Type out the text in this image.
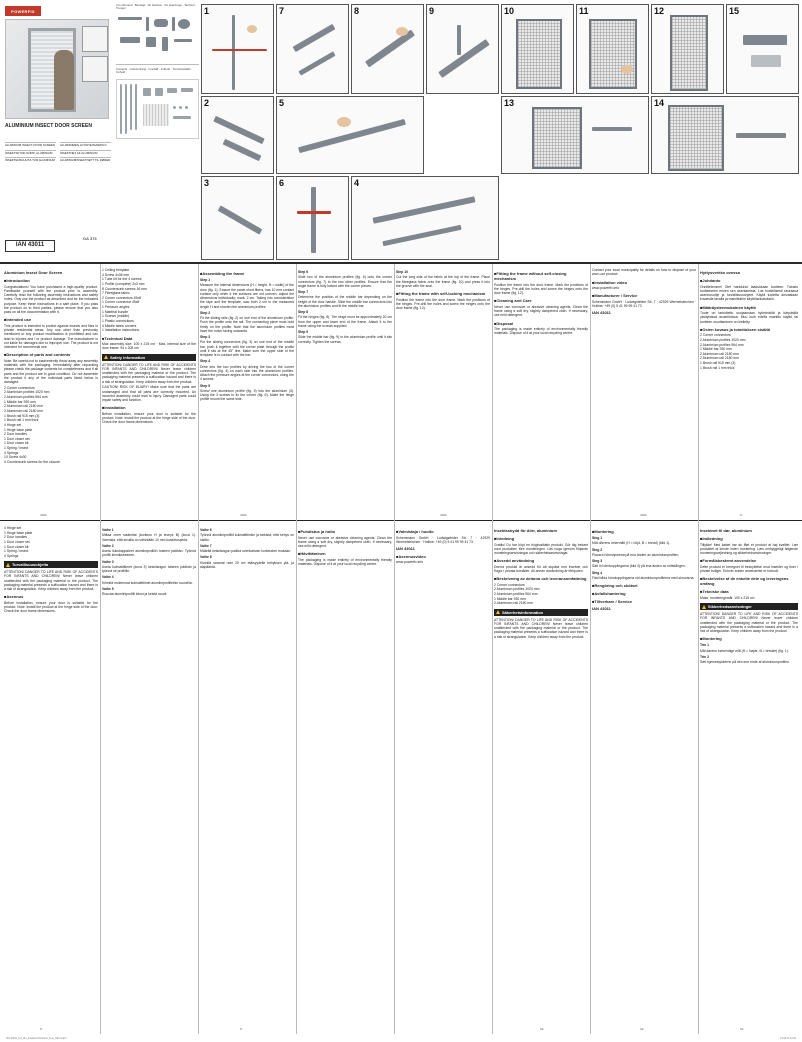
POWERFIX
ALUMINIUM INSECT DOOR SCREEN
ALUMINIUM INSECT DOOR SCREEN	ALUMIINIMEN HYÖNTEISVERKKO
INSEKTSKYDD DÖRR, ALUMINIUM	INSEKTNET AF ALUMINIUM
INSEKTENSCHUTZ-TÜR ALUMINIUM	ALUMINIUMINSEKTNETT TIL DØRER
IAN 43011
GA 373
You will need · Benötigt · Du behöver · Du skal bruge · Tarvitset · Trenger
Contents · Lieferumfang · Innehåll · Indhold · Toimitussisältö · Innhold
1	7	8	9	10	11	12	15
2	5	13	14
3	6	4
Aluminium Insect Door Screen
■ Introduction

Congratulations! You have purchased a high-quality product. Familiarise yourself with the product prior to assembly. Carefully read the following assembly instructions and safety notes. Only use the product as described and for the indicated purpose. Keep these instructions in a safe place. If you pass the product on to third parties, please ensure that you also pass on all the documentation with it.

■ Intended use

This product is intended to protect against insects and flies in private residential areas. Any use other than previously mentioned or any product modification is prohibited and can lead to injuries and / or product damage. The manufacturer is not liable for damages due to improper use. The product is not intended for commercial use.

■ Description of parts and contents

Note: Be careful not to inadvertently throw away any assembly materials with the packaging. Immediately after unpacking please check the package contents for completeness and if all parts and the product are in good condition. Do not assemble the product if any of the individual parts listed below is damaged.

2 Corner connectors
2 Aluminium profiles 1020 mm
2 Aluminium profiles 964 mm
1 Middle bar 930 mm
2 Aluminium rail 2180 mm
2 Aluminium rail 2180 mm
1 Brush rail 915 mm (3)
1 Brush rail 1 mm thick
4 Hinge set
1 Hinge base plate
2 Door handles
1 Door closer set
1 Door closer kit
1 Spring / insect
4 Springs
10 Screw 4x30
4 Countersunk screws for the closure
1 Ceiling template
4 Screw 4x35 mm
1 Tube kit for the 4 screws
1 Profile (complete) 2x3 mm
8 Countersunk screws 16 mm
7 Fibreglass fabric
2 Corner connectors 45x8
1 Corner connector 45x8
1 Pressure angles
1 Material bundle
1 Screws (middle)
1 Plastic connections
4 Middle fabric corners
1 Installation instructions
■ Technical Data

Max assembly size: 100 x 215 cm · Max. internal size of the door frame: 94 x 208 cm

Safety information

ATTENTION! DANGER TO LIFE AND RISK OF ACCIDENTS FOR INFANTS AND CHILDREN! Never leave children unattended with the packaging material or the product. The packaging material presents a suffocation hazard and there is a risk of strangulation. Keep children away from the product.

CAUTION! RISK OF INJURY! Make sure that the parts are undamaged and that all parts are correctly mounted. An incorrect assembly could lead to injury. Damaged parts could impair safety and function.

■ Installation

Before installation, ensure your door is suitable for the product. Note: Install the product at the hinge side of the door. Check the door frame dimensions.

■ Assembling the frame
Step 1

Measure the internal dimensions (H = height, B = width) of the door (fig. 1). Ensure the panel short fibers, has 10 mm contact surface only when it the surfaces are not uneven, adjust the dimensions individually; mark. 2 cm. Taking into consideration the tape and the template, saw both 2 cm in the measured length H and shorten the aluminium profiles.

Step 2

Fit the sliding rails (fig. 2) on one end of the aluminium profile. Push the profile onto the rail. The connecting piece must hold firmly on the profile. Note that the aluminium profiles must have the notch facing outwards.

Step 3

Put the sliding connectors (fig. 3) on one end of the middle bar, push it together with the corner plate through the profile until it sits at the 45° line. Make sure the upper side of the template is in contact with the bar.

Step 4

Drive into the two profiles by driving the two of the corner connectors (fig. 4) on each side into the aluminium profiles. Attach the pressure angles at the corner connectors, using the 4 screws.

Step 5

Screw one aluminium profile (fig. 5) into the aluminium (3). Using the 3 screws to fix the corner (fig. 6). Make the hinge profile mount the same side.

Step 6

Slide two of the aluminium profiles (fig. 6) onto the corner connectors (fig. 7) to the two other profiles. Ensure that the angle frame is fully locked with the corner pieces.

Step 7

Determine the position of the middle bar depending on the height of the door handle. Slide the middle bar connectors into the aluminium profiles and fit the middle bar.

Step 8

Fit the hinges (fig. 8). The hinge must be approximately 20 cm from the upper and lower end of the frame. Attach it to the frame using the screws supplied.

Step 9

Slide the middle bar (fig. 9) in the aluminium profile until it sits correctly. Tighten the screws.

Step 10

Cut the long side of the fabric at the top of the frame. Place the fibreglass fabric onto the frame (fig. 10) and press it into the groove with the seal.

■ Fitting the frame with self-locking mechanism

Position the frame into the door frame. Mark the positions of the hinges. Pre-drill the holes and screw the hinges onto the door frame (fig. 12).

■ Fitting the frame without self-closing mechanism

Position the frame into the door frame. Mark the positions of the hinges. Pre-drill the holes and screw the hinges onto the door frame (fig. 12).

■ Cleaning and Care

Never use corrosive or abrasive cleaning agents. Clean the frame using a soft dry, slightly dampened cloth. If necessary, use mild detergent.

■ Disposal

The packaging is made entirely of environmentally friendly materials. Dispose of it at your local recycling centre.

Contact your local municipality for details on how to dispose of your worn-out product.

■ Installation video

www.powerfix.info

■ Manufacturer / Service

Schemmann GmbH · Ludwigsfelder Str. 7 · 42929 Wermelskirchen · Hotline: +49 (0) 5 41 99 99 41 73

IAN 43011

Hyttysverkko ovessa
■ Johdanto

Onnittelemme! Olet hankkinut laadukkaan tuotteen. Tutustu tuotteeseen ennen sen asentamista. Lue huolellisesti seuraava asennusohje ja turvallisuusohjeet. Käytä tuotetta ainoastaan kuvatulla tavalla ja mainittuihin käyttötarkoituksiin.

■ Määräystenmukainen käyttö

Tuote on tarkoitettu suojaamaan hyönteisiltä ja kärpäsiltä yksityisissä asuintiloissa. Muu kuin edellä mainittu käyttö tai tuotteen muuttaminen on kielletty.

■ Osien kuvaus ja toimituksen sisältö
2 Corner connectors
2 Aluminium profiles 1020 mm
2 Aluminium profiles 964 mm
1 Middle bar 930 mm
2 Aluminium rail 2180 mm
2 Aluminium rail 2180 mm
1 Brush rail 915 mm (3)
1 Brush rail 1 mm thick
4 Hinge set
1 Hinge base plate
2 Door handles
1 Door closer set
1 Door closer kit
1 Spring / insect
4 Springs
Turvallisuusohjeita

ATTENTION! DANGER TO LIFE AND RISK OF ACCIDENTS FOR INFANTS AND CHILDREN! Never leave children unattended with the packaging material or the product. The packaging material presents a suffocation hazard and there is a risk of strangulation. Keep children away from the product.

■ Asennus

Before installation, ensure your door is suitable for the product. Note: Install the product at the hinge side of the door. Check the door frame dimensions.

Vaihe 1

Mittaa oven sisämitat (korkeus H ja leveys B) (kuva 1). Varmista, että sivuilla on vähintään 10 mm kosketuspinta.

Vaihe 2

Aseta liukukappaleet alumiiniprofiilin toiseen päähän. Työnnä profiili kiinnikkeeseen.

Vaihe 3

Aseta kulmaliittimet (kuva 3) keskitangon toiseen päähän ja työnnä se profiiliin.

Vaihe 4

Kiinnitä molemmat kulmaliittimet alumiiniprofiileihin ruuveilla.

Vaihe 5

Ruuvaa alumiiniprofiili kiinni ja kiristä ruuvit.

Vaihe 6

Työnnä alumiiniprofiilit kulmaliittimiin ja tarkista, että kehys on lukittu.

Vaihe 7

Määritä keskitangon paikka ovenkahvan korkeuden mukaan.

Vaihe 8

Kiinnitä saranat noin 20 cm etäisyydelle kehyksen ylä- ja alapäästä.

■ Puhdistus ja hoito

Never use corrosive or abrasive cleaning agents. Clean the frame using a soft dry, slightly dampened cloth. If necessary, use mild detergent.

■ Hävittäminen

The packaging is made entirely of environmentally friendly materials. Dispose of it at your local recycling centre.

■ Valmistaja / huolto

Schemmann GmbH · Ludwigsfelder Str. 7 · 42929 Wermelskirchen · Hotline: +49 (0) 5 41 99 99 41 73

IAN 43011

■ Asennusvideo

www.powerfix.info

Insektsskydd för dörr, aluminium
■ Inledning

Grattis! Du har köpt en högkvalitativ produkt. Gör dig bekant med produkten före monteringen. Läs noga igenom följande monteringsanvisningar och säkerhetsanvisningar.

■ Avsedd användning

Denna produkt är avsedd för att skydda mot insekter och flugor i privata bostäder. All annan användning är förbjuden.

■ Beskrivning av delarna och leveransomfattning
2 Corner connectors
2 Aluminium profiles 1020 mm
2 Aluminium profiles 964 mm
1 Middle bar 930 mm
2 Aluminium rail 2180 mm
Säkerhetsinformation

ATTENTION! DANGER TO LIFE AND RISK OF ACCIDENTS FOR INFANTS AND CHILDREN! Never leave children unattended with the packaging material or the product. The packaging material presents a suffocation hazard and there is a risk of strangulation. Keep children away from the product.

■ Montering
Steg 1

Mät dörrens innermått (H = höjd, B = bredd) (bild 1).

Steg 2

Placera hörnstyckena på ena änden av aluminiumprofilen.

Steg 3

Sätt in hörnkopplingarna (bild 3) på ena änden av mittstången.

Steg 4

Fäst båda hörnkopplingarna vid aluminiumprofilerna med skruvarna.

■ Rengöring och skötsel
■ Avfallshantering
■ Tillverkare / Service

IAN 43011

Insektnet til dør, aluminium
■ Indledning

Tillykke! Med købet har du fået et produkt af høj kvalitet. Lær produktet at kende inden montering. Læs omhyggeligt følgende monteringsvejledning og sikkerhedsanvisninger.

■ Formålsbestemt anvendelse

Dette produkt er beregnet til beskyttelse mod insekter og fluer i private boliger. Enhver anden anvendelse er forbudt.

■ Beskrivelse af de enkelte dele og leveringens omfang
■ Tekniske data

Maks. monteringsmål: 100 x 215 cm

Sikkerhedsanvisninger

ATTENTION! DANGER TO LIFE AND RISK OF ACCIDENTS FOR INFANTS AND CHILDREN! Never leave children unattended with the packaging material or the product. The packaging material presents a suffocation hazard and there is a risk of strangulation. Keep children away from the product.

■ Montering
Trin 1

Mål dørens indvendige mål (H = højde, B = bredde) (fig. 1).

Trin 2

Sæt hjørnestykkerne på den ene ende af aluminiumprofilen.

GB/IE	GB/IE	GB/IE	GB/IE	FI
FI	FI	SE	SE	DK
IAN 43011_Ins_Alu_Insektenschutztuer_Tuer_LB4.indd 1	14.08.12 12:03
